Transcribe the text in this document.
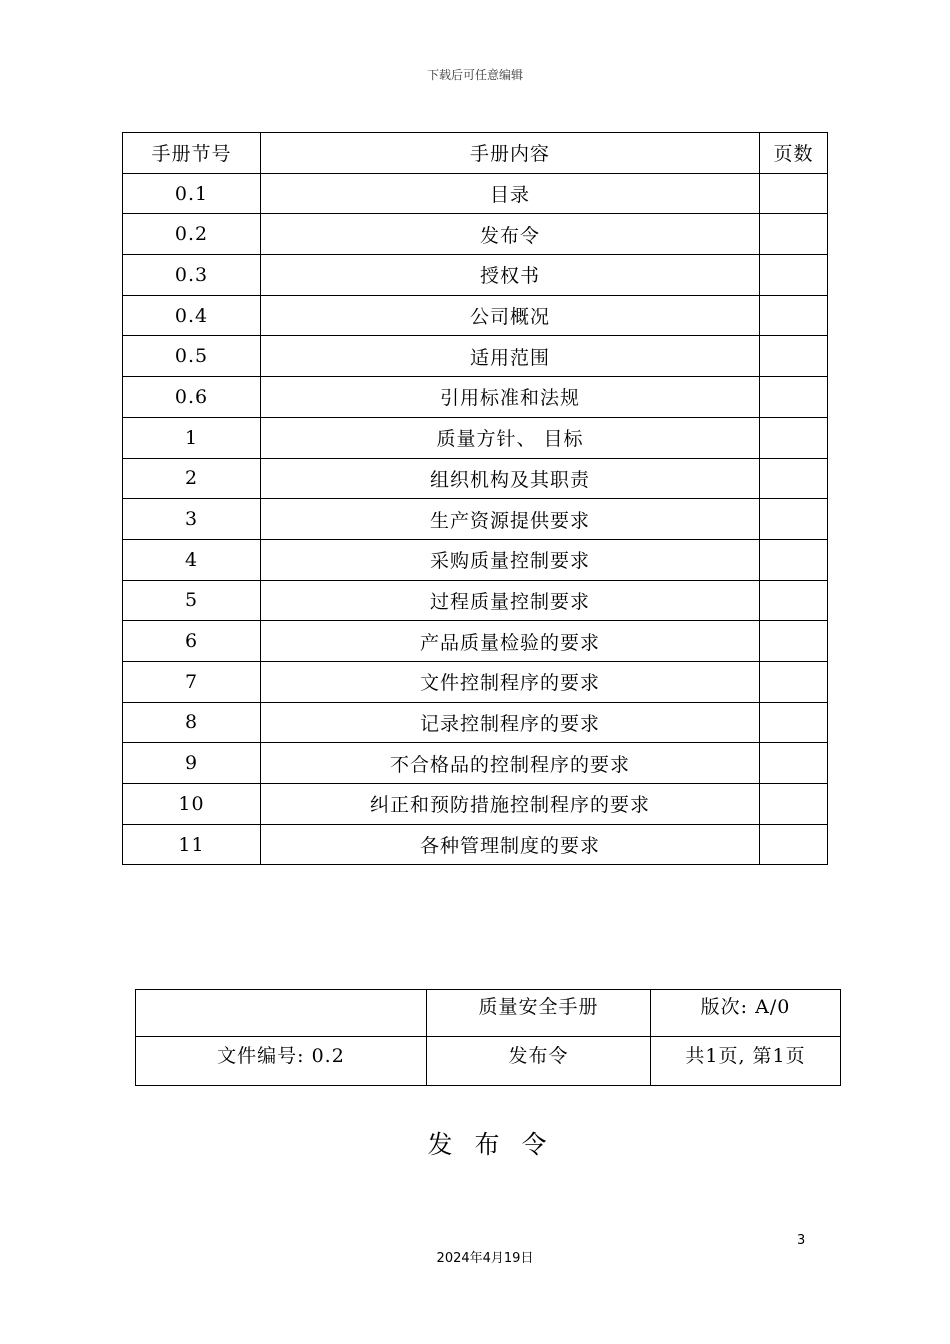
下载后可任意编辑
手册节号	手册内容	页数
0.1	目录	
0.2	发布令	
0.3	授权书	
0.4	公司概况	
0.5	适用范围	
0.6	引用标准和法规	
1	质量方针、 目标	
2	组织机构及其职责	
3	生产资源提供要求	
4	采购质量控制要求	
5	过程质量控制要求	
6	产品质量检验的要求	
7	文件控制程序的要求	
8	记录控制程序的要求	
9	不合格品的控制程序的要求	
10	纠正和预防措施控制程序的要求	
11	各种管理制度的要求	
	质量安全手册	版次: A/0
文件编号: 0.2	发布令	共1页, 第1页
发布令
3
2024年4月19日
